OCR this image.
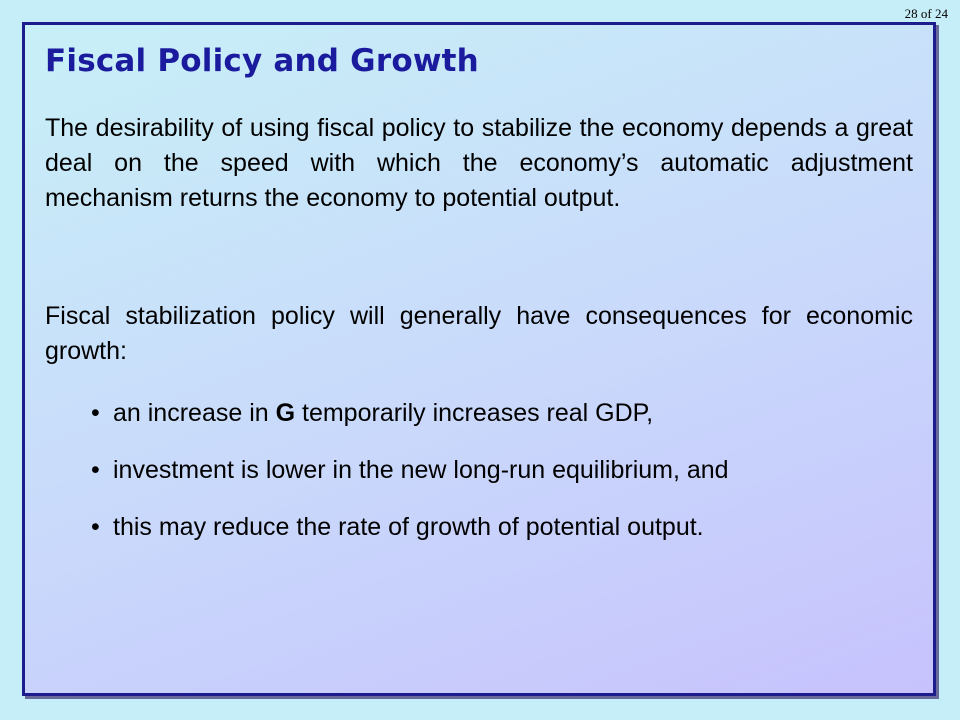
28 of 24
Fiscal Policy and Growth

The desirability of using fiscal policy to stabilize the economy depends a great deal on the speed with which the economy’s automatic adjustment mechanism returns the economy to potential output.

Fiscal stabilization policy will generally have consequences for economic growth:

• an increase in G temporarily increases real GDP,
• investment is lower in the new long-run equilibrium, and
• this may reduce the rate of growth of potential output.
